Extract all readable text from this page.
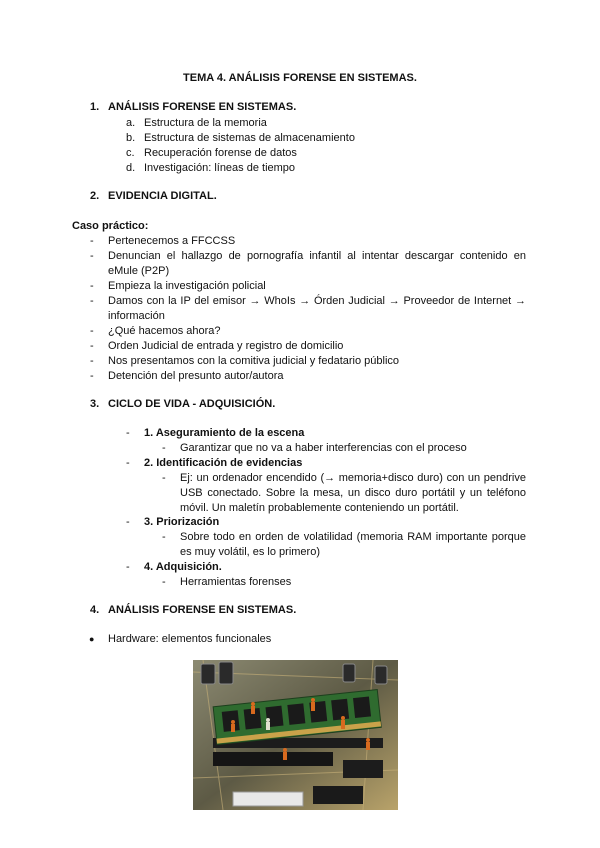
TEMA 4. ANÁLISIS FORENSE EN SISTEMAS.
1. ANÁLISIS FORENSE EN SISTEMAS.
a. Estructura de la memoria
b. Estructura de sistemas de almacenamiento
c. Recuperación forense de datos
d. Investigación: líneas de tiempo
2. EVIDENCIA DIGITAL.
Caso práctico:
- Pertenecemos a FFCCSS
- Denuncian el hallazgo de pornografía infantil al intentar descargar contenido en eMule (P2P)
- Empieza la investigación policial
- Damos con la IP del emisor → WhoIs → Órden Judicial → Proveedor de Internet → información
- ¿Qué hacemos ahora?
- Orden Judicial de entrada y registro de domicilio
- Nos presentamos con la comitiva judicial y fedatario público
- Detención del presunto autor/autora
3. CICLO DE VIDA - ADQUISICIÓN.
- 1. Aseguramiento de la escena
- Garantizar que no va a haber interferencias con el proceso
- 2. Identificación de evidencias
- Ej: un ordenador encendido (→ memoria+disco duro) con un pendrive USB conectado. Sobre la mesa, un disco duro portátil y un teléfono móvil. Un maletín probablemente conteniendo un portátil.
- 3. Priorización
- Sobre todo en orden de volatilidad (memoria RAM importante porque es muy volátil, es lo primero)
- 4. Adquisición.
- Herramientas forenses
4. ANÁLISIS FORENSE EN SISTEMAS.
● Hardware: elementos funcionales
